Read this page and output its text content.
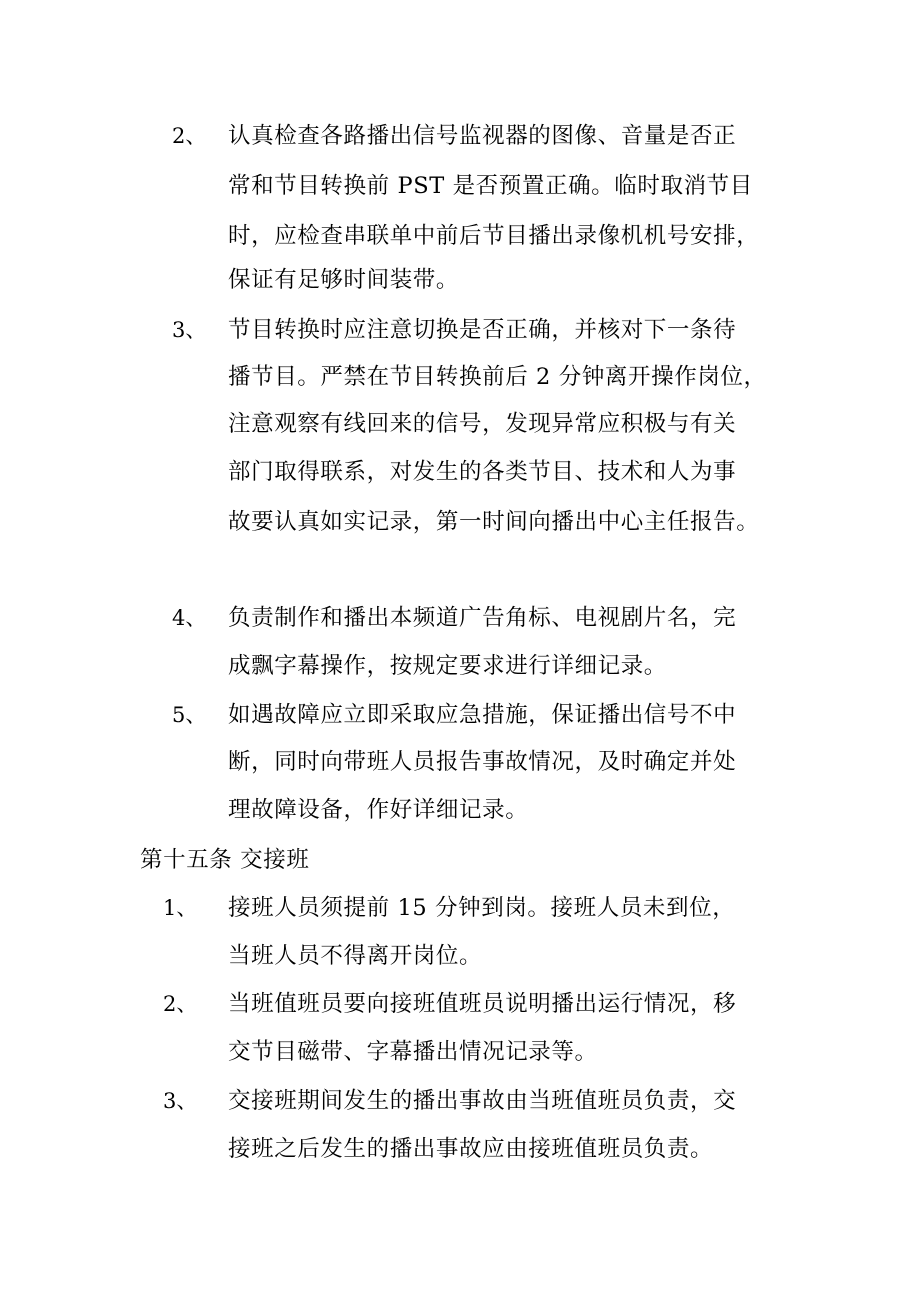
2、 认真检查各路播出信号监视器的图像、音量是否正
常和节目转换前 PST 是否预置正确。临时取消节目
时，应检查串联单中前后节目播出录像机机号安排，
保证有足够时间装带。
3、 节目转换时应注意切换是否正确，并核对下一条待
播节目。严禁在节目转换前后 2 分钟离开操作岗位，
注意观察有线回来的信号，发现异常应积极与有关
部门取得联系，对发生的各类节目、技术和人为事
故要认真如实记录，第一时间向播出中心主任报告。
4、 负责制作和播出本频道广告角标、电视剧片名，完
成飘字幕操作，按规定要求进行详细记录。
5、 如遇故障应立即采取应急措施，保证播出信号不中
断，同时向带班人员报告事故情况，及时确定并处
理故障设备，作好详细记录。
第十五条 交接班
1、 接班人员须提前 15 分钟到岗。接班人员未到位，
当班人员不得离开岗位。
2、 当班值班员要向接班值班员说明播出运行情况，移
交节目磁带、字幕播出情况记录等。
3、 交接班期间发生的播出事故由当班值班员负责，交
接班之后发生的播出事故应由接班值班员负责。
